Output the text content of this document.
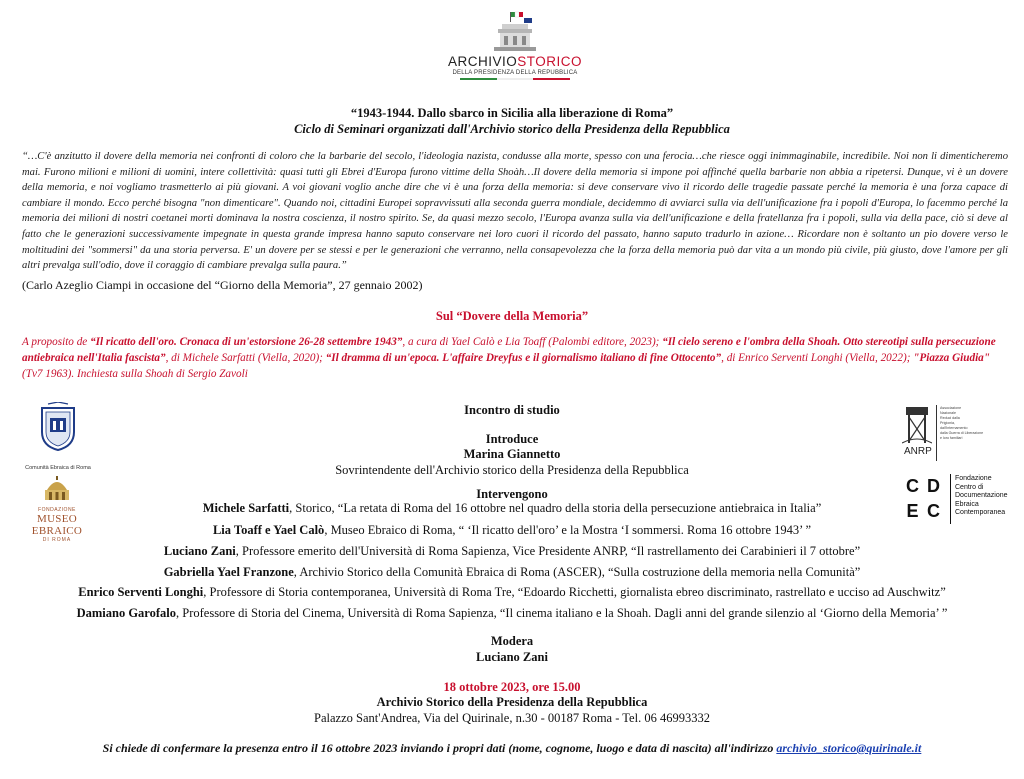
ARCHIVIOSTORICO
DELLA PRESIDENZA DELLA REPUBBLICA
“1943-1944. Dallo sbarco in Sicilia alla liberazione di Roma”
Ciclo di Seminari organizzati dall'Archivio storico della Presidenza della Repubblica
“…C'è anzitutto il dovere della memoria nei confronti di coloro che la barbarie del secolo, l'ideologia nazista, condusse alla morte, spesso con una ferocia…che riesce oggi inimmaginabile, incredibile. Noi non li dimenticheremo mai. Furono milioni e milioni di uomini, intere collettività: quasi tutti gli Ebrei d'Europa furono vittime della Shoàh…Il dovere della memoria si impone poi affinché quella barbarie non abbia a ripetersi. Dunque, vi è un dovere della memoria, e noi vogliamo trasmetterlo ai più giovani. A voi giovani voglio anche dire che vi è una forza della memoria: si deve conservare vivo il ricordo delle tragedie passate perché la memoria è una forza capace di cambiare il mondo. Ecco perché bisogna "non dimenticare". Quando noi, cittadini Europei sopravvissuti alla seconda guerra mondiale, decidemmo di avviarci sulla via dell'unificazione fra i popoli d'Europa, lo facemmo perché la memoria dei milioni di nostri coetanei morti dominava la nostra coscienza, il nostro spirito. Se, da quasi mezzo secolo, l'Europa avanza sulla via dell'unificazione e della fratellanza fra i popoli, sulla via della pace, ciò si deve al fatto che le generazioni successivamente impegnate in questa grande impresa hanno saputo conservare nei loro cuori il ricordo del passato, hanno saputo tradurlo in azione… Ricordare non è soltanto un pio dovere verso le moltitudini dei "sommersi" da una storia perversa. E' un dovere per se stessi e per le generazioni che verranno, nella consapevolezza che la forza della memoria può dar vita a un mondo più civile, più giusto, dove l'amore per gli altri prevalga sull'odio, dove il coraggio di cambiare prevalga sulla paura.”
(Carlo Azeglio Ciampi in occasione del “Giorno della Memoria”, 27 gennaio 2002)
Sul “Dovere della Memoria”
A proposito de “Il ricatto dell'oro. Cronaca di un'estorsione 26-28 settembre 1943”, a cura di Yael Calò e Lia Toaff (Palombi editore, 2023); “Il cielo sereno e l'ombra della Shoah. Otto stereotipi sulla persecuzione antiebraica nell'Italia fascista”, di Michele Sarfatti (Viella, 2020); “Il dramma di un'epoca. L'affaire Dreyfus e il giornalismo italiano di fine Ottocento”, di Enrico Serventi Longhi (Viella, 2022); "Piazza Giudia" (Tv7 1963). Inchiesta sulla Shoah di Sergio Zavoli
Incontro di studio
Introduce
Marina Giannetto
Sovrintendente dell'Archivio storico della Presidenza della Repubblica
Intervengono
Michele Sarfatti, Storico, “La retata di Roma del 16 ottobre nel quadro della storia della persecuzione antiebraica in Italia”
Lia Toaff e Yael Calò, Museo Ebraico di Roma, “ ‘Il ricatto dell'oro’ e la Mostra ‘I sommersi. Roma 16 ottobre 1943’ ”
Luciano Zani, Professore emerito dell'Università di Roma Sapienza, Vice Presidente ANRP, “Il rastrellamento dei Carabinieri il 7 ottobre”
Gabriella Yael Franzone, Archivio Storico della Comunità Ebraica di Roma (ASCER), “Sulla costruzione della memoria nella Comunità”
Enrico Serventi Longhi, Professore di Storia contemporanea, Università di Roma Tre, “Edoardo Ricchetti, giornalista ebreo discriminato, rastrellato e ucciso ad Auschwitz”
Damiano Garofalo, Professore di Storia del Cinema, Università di Roma Sapienza, “Il cinema italiano e la Shoah. Dagli anni del grande silenzio al ‘Giorno della Memoria’ ”
Modera
Luciano Zani
18 ottobre 2023, ore 15.00
Archivio Storico della Presidenza della Repubblica
Palazzo Sant'Andrea, Via del Quirinale, n.30 - 00187 Roma - Tel. 06 46993332
Si chiede di confermare la presenza entro il 16 ottobre 2023 inviando i propri dati (nome, cognome, luogo e data di nascita) all'indirizzo archivio_storico@quirinale.it
Comunità Ebraica di Roma
FONDAZIONE
MUSEO EBRAICO
DI ROMA
ANRP
Associazione
Nazionale
Reduci dalla
Prigionia,
dall'Internamento
dalla Guerra di Liberazione
e loro familiari
C D
E C
Fondazione
Centro di
Documentazione
Ebraica
Contemporanea
